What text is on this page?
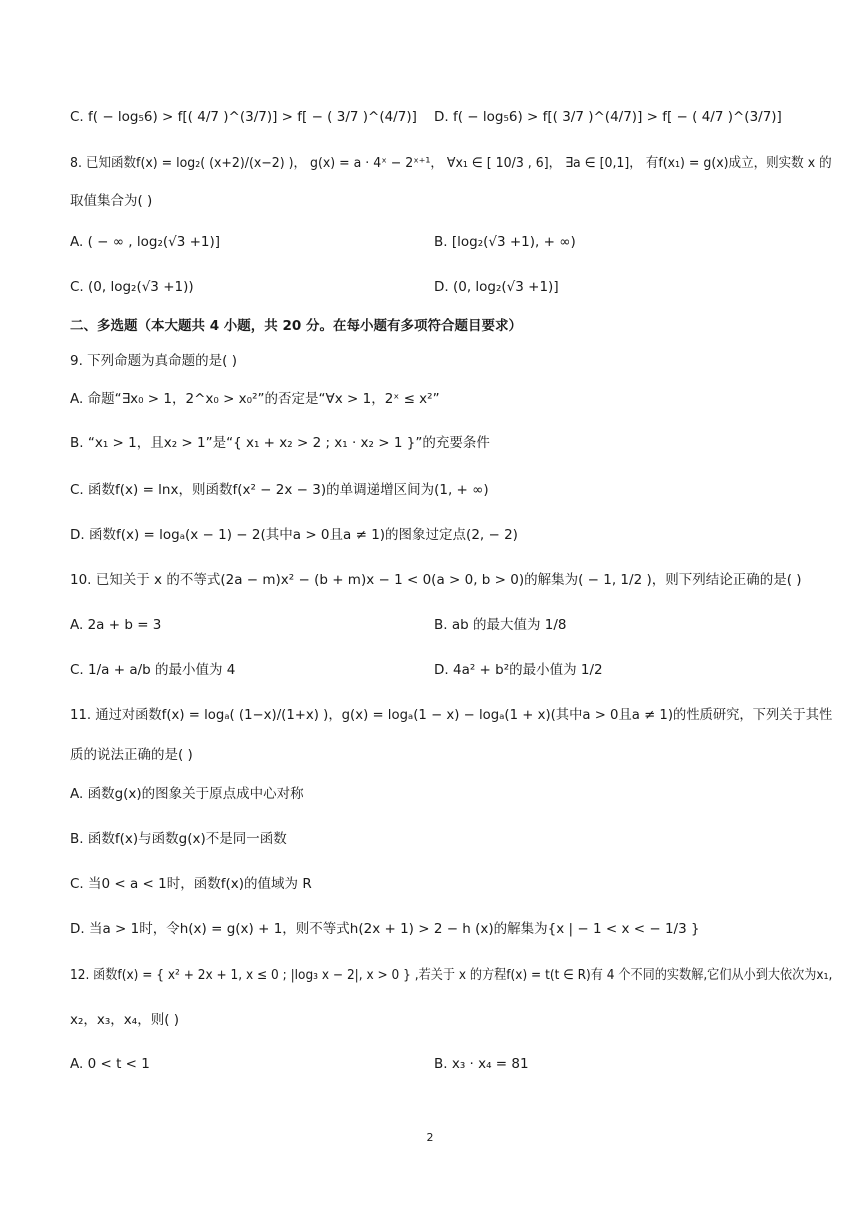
C. f( − log₅6) > f[( 4/7 )^(3/7)] > f[ − ( 3/7 )^(4/7)] D. f( − log₅6) > f[( 3/7 )^(4/7)] > f[ − ( 4/7 )^(3/7)]
8. 已知函数f(x) = log₂( (x+2)/(x−2) )， g(x) = a · 4ˣ − 2ˣ⁺¹， ∀x₁ ∈ [ 10/3 , 6]， ∃a ∈ [0,1]， 有f(x₁) = g(x)成立，则实数 x 的
取值集合为( )
A. ( − ∞ , log₂(√3 +1)]	B. [log₂(√3 +1), + ∞)
C. (0, log₂(√3 +1))	D. (0, log₂(√3 +1)]
二、多选题（本大题共 4 小题，共 20 分。在每小题有多项符合题目要求）
9. 下列命题为真命题的是( )
A. 命题“∃x₀ > 1，2^x₀ > x₀²”的否定是“∀x > 1，2ˣ ≤ x²”
B. “x₁ > 1，且x₂ > 1”是“{ x₁ + x₂ > 2 ; x₁ · x₂ > 1 }”的充要条件
C. 函数f(x) = lnx，则函数f(x² − 2x − 3)的单调递增区间为(1, + ∞)
D. 函数f(x) = logₐ(x − 1) − 2(其中a > 0且a ≠ 1)的图象过定点(2, − 2)
10. 已知关于 x 的不等式(2a − m)x² − (b + m)x − 1 < 0(a > 0, b > 0)的解集为( − 1, 1/2 )，则下列结论正确的是( )
A. 2a + b = 3	B. ab 的最大值为 1/8
C. 1/a + a/b 的最小值为 4	D. 4a² + b²的最小值为 1/2
11. 通过对函数f(x) = logₐ( (1−x)/(1+x) )，g(x) = logₐ(1 − x) − logₐ(1 + x)(其中a > 0且a ≠ 1)的性质研究，下列关于其性
质的说法正确的是( )
A. 函数g(x)的图象关于原点成中心对称
B. 函数f(x)与函数g(x)不是同一函数
C. 当0 < a < 1时，函数f(x)的值域为 R
D. 当a > 1时，令h(x) = g(x) + 1，则不等式h(2x + 1) > 2 − h (x)的解集为{x | − 1 < x < − 1/3 }
12. 函数f(x) = { x² + 2x + 1, x ≤ 0 ; |log₃ x − 2|, x > 0 } ,若关于 x 的方程f(x) = t(t ∈ R)有 4 个不同的实数解,它们从小到大依次为x₁,
x₂，x₃，x₄，则( )
A. 0 < t < 1	B. x₃ · x₄ = 81
2
